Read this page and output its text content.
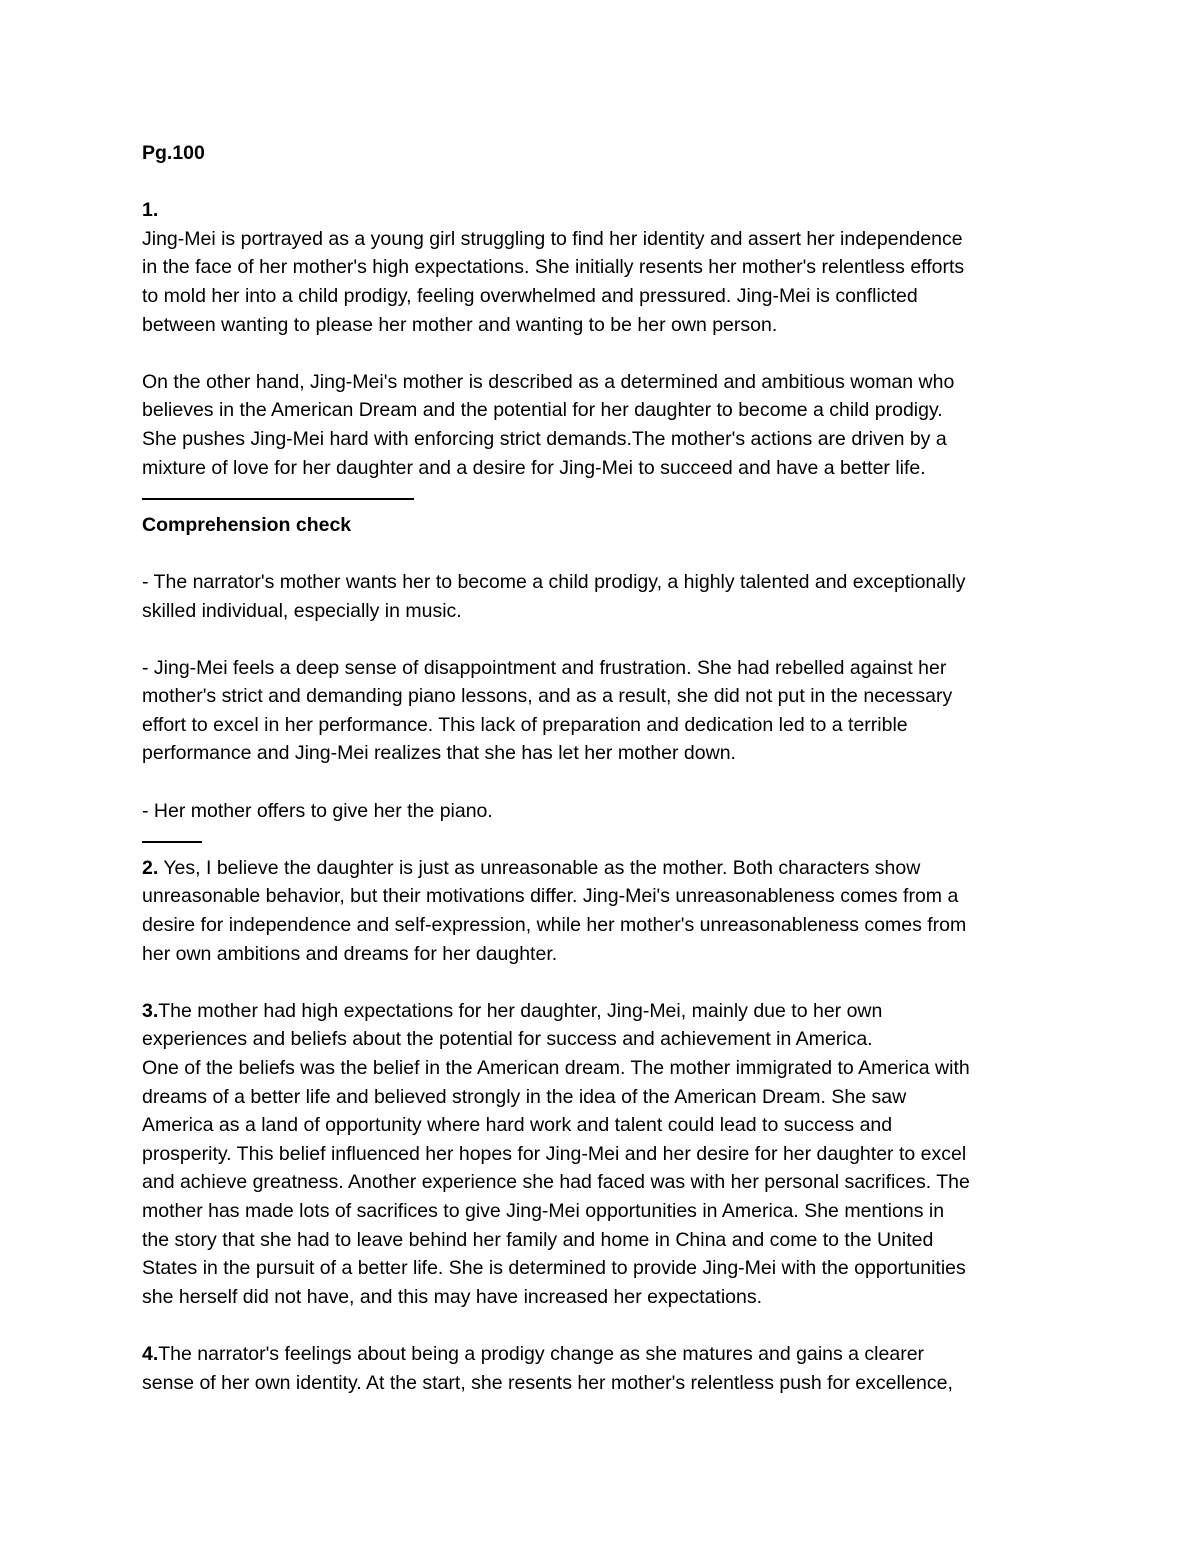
Pg.100
1.
Jing-Mei is portrayed as a young girl struggling to find her identity and assert her independence
in the face of her mother's high expectations. She initially resents her mother's relentless efforts
to mold her into a child prodigy, feeling overwhelmed and pressured. Jing-Mei is conflicted
between wanting to please her mother and wanting to be her own person.
On the other hand, Jing-Mei's mother is described as a determined and ambitious woman who
believes in the American Dream and the potential for her daughter to become a child prodigy.
She pushes Jing-Mei hard with enforcing strict demands.The mother's actions are driven by a
mixture of love for her daughter and a desire for Jing-Mei to succeed and have a better life.
Comprehension check
- The narrator's mother wants her to become a child prodigy, a highly talented and exceptionally
skilled individual, especially in music.
- Jing-Mei feels a deep sense of disappointment and frustration. She had rebelled against her
mother's strict and demanding piano lessons, and as a result, she did not put in the necessary
effort to excel in her performance. This lack of preparation and dedication led to a terrible
performance and Jing-Mei realizes that she has let her mother down.
- Her mother offers to give her the piano.
2. Yes, I believe the daughter is just as unreasonable as the mother. Both characters show
unreasonable behavior, but their motivations differ. Jing-Mei's unreasonableness comes from a
desire for independence and self-expression, while her mother's unreasonableness comes from
her own ambitions and dreams for her daughter.
3.The mother had high expectations for her daughter, Jing-Mei, mainly due to her own
experiences and beliefs about the potential for success and achievement in America.
One of the beliefs was the belief in the American dream. The mother immigrated to America with
dreams of a better life and believed strongly in the idea of the American Dream. She saw
America as a land of opportunity where hard work and talent could lead to success and
prosperity. This belief influenced her hopes for Jing-Mei and her desire for her daughter to excel
and achieve greatness. Another experience she had faced was with her personal sacrifices. The
mother has made lots of sacrifices to give Jing-Mei opportunities in America. She mentions in
the story that she had to leave behind her family and home in China and come to the United
States in the pursuit of a better life. She is determined to provide Jing-Mei with the opportunities
she herself did not have, and this may have increased her expectations.
4.The narrator's feelings about being a prodigy change as she matures and gains a clearer
sense of her own identity. At the start, she resents her mother's relentless push for excellence,
